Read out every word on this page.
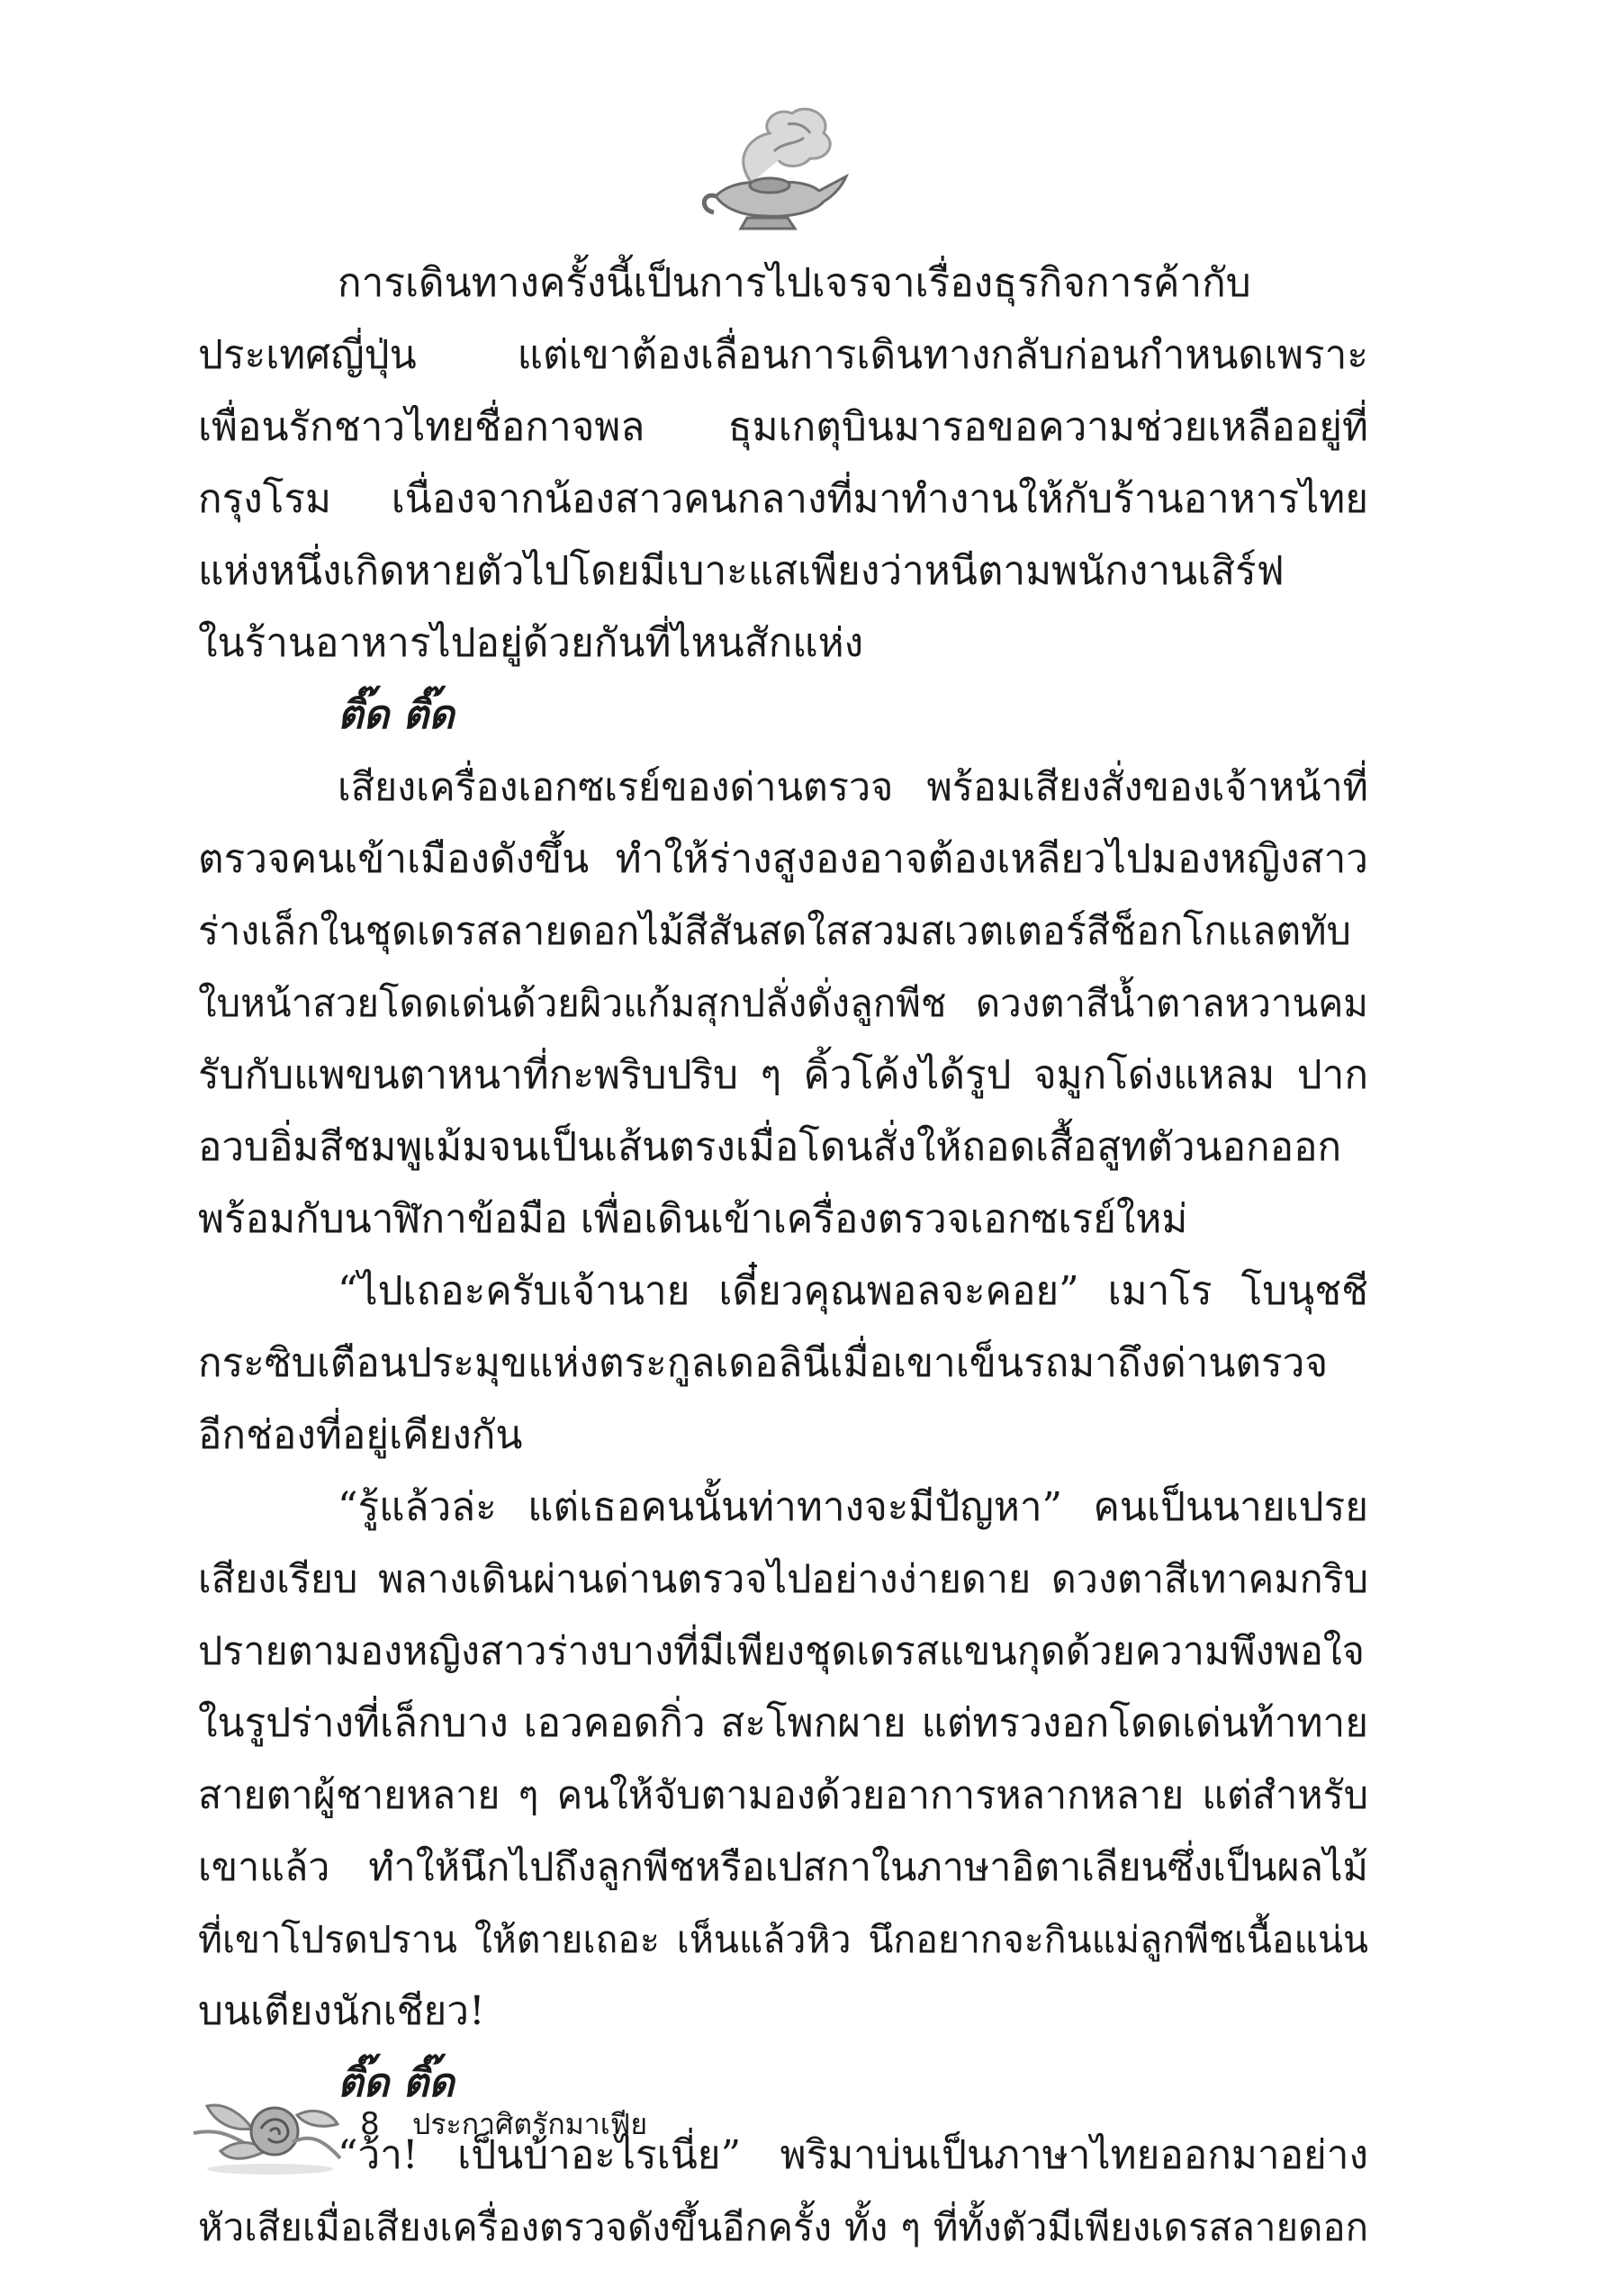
การเดินทางครั้งนี้เป็นการไปเจรจาเรื่องธุรกิจการค้ากับ
ประเทศญี่ปุ่น แต่เขาต้องเลื่อนการเดินทางกลับก่อนกำหนดเพราะ
เพื่อนรักชาวไทยชื่อกาจพล ธุมเกตุบินมารอขอความช่วยเหลืออยู่ที่
กรุงโรม เนื่องจากน้องสาวคนกลางที่มาทำงานให้กับร้านอาหารไทย
แห่งหนึ่งเกิดหายตัวไปโดยมีเบาะแสเพียงว่าหนีตามพนักงานเสิร์ฟ
ในร้านอาหารไปอยู่ด้วยกันที่ไหนสักแห่ง
ติ๊ด ติ๊ด
เสียงเครื่องเอกซเรย์ของด่านตรวจ พร้อมเสียงสั่งของเจ้าหน้าที่
ตรวจคนเข้าเมืองดังขึ้น ทำให้ร่างสูงองอาจต้องเหลียวไปมองหญิงสาว
ร่างเล็กในชุดเดรสลายดอกไม้สีสันสดใสสวมสเวตเตอร์สีช็อกโกแลตทับ
ใบหน้าสวยโดดเด่นด้วยผิวแก้มสุกปลั่งดั่งลูกพีช ดวงตาสีน้ำตาลหวานคม
รับกับแพขนตาหนาที่กะพริบปริบ ๆ คิ้วโค้งได้รูป จมูกโด่งแหลม ปาก
อวบอิ่มสีชมพูเม้มจนเป็นเส้นตรงเมื่อโดนสั่งให้ถอดเสื้อสูทตัวนอกออก
พร้อมกับนาฬิกาข้อมือ เพื่อเดินเข้าเครื่องตรวจเอกซเรย์ใหม่
“ไปเถอะครับเจ้านาย เดี๋ยวคุณพอลจะคอย” เมาโร โบนุชชี
กระซิบเตือนประมุขแห่งตระกูลเดอลินีเมื่อเขาเข็นรถมาถึงด่านตรวจ
อีกช่องที่อยู่เคียงกัน
“รู้แล้วล่ะ แต่เธอคนนั้นท่าทางจะมีปัญหา” คนเป็นนายเปรย
เสียงเรียบ พลางเดินผ่านด่านตรวจไปอย่างง่ายดาย ดวงตาสีเทาคมกริบ
ปรายตามองหญิงสาวร่างบางที่มีเพียงชุดเดรสแขนกุดด้วยความพึงพอใจ
ในรูปร่างที่เล็กบาง เอวคอดกิ่ว สะโพกผาย แต่ทรวงอกโดดเด่นท้าทาย
สายตาผู้ชายหลาย ๆ คนให้จับตามองด้วยอาการหลากหลาย แต่สำหรับ
เขาแล้ว ทำให้นึกไปถึงลูกพีชหรือเปสกาในภาษาอิตาเลียนซึ่งเป็นผลไม้
ที่เขาโปรดปราน ให้ตายเถอะ เห็นแล้วหิว นึกอยากจะกินแม่ลูกพีชเนื้อแน่น
บนเตียงนักเชียว!
ติ๊ด ติ๊ด
“ว้า! เป็นบ้าอะไรเนี่ย” พริมาบ่นเป็นภาษาไทยออกมาอย่าง
หัวเสียเมื่อเสียงเครื่องตรวจดังขึ้นอีกครั้ง ทั้ง ๆ ที่ทั้งตัวมีเพียงเดรสลายดอก
8 ประกาศิตรักมาเฟีย
